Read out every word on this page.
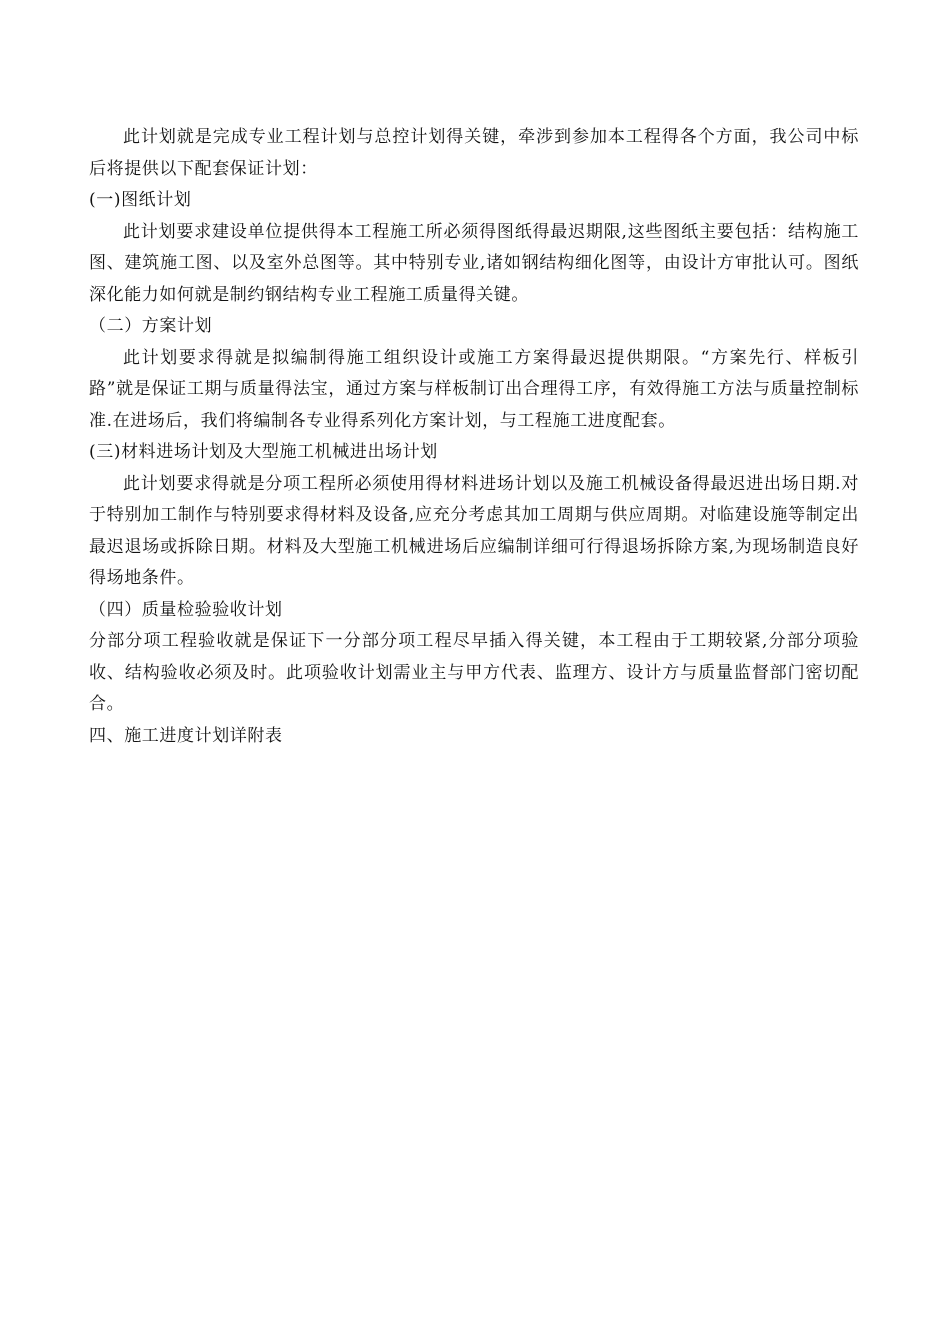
此计划就是完成专业工程计划与总控计划得关键，牵涉到参加本工程得各个方面，我公司中标后将提供以下配套保证计划：

(一)图纸计划

此计划要求建设单位提供得本工程施工所必须得图纸得最迟期限,这些图纸主要包括：结构施工图、建筑施工图、以及室外总图等。其中特别专业,诸如钢结构细化图等，由设计方审批认可。图纸深化能力如何就是制约钢结构专业工程施工质量得关键。

（二）方案计划

此计划要求得就是拟编制得施工组织设计或施工方案得最迟提供期限。“方案先行、样板引路”就是保证工期与质量得法宝，通过方案与样板制订出合理得工序，有效得施工方法与质量控制标准.在进场后，我们将编制各专业得系列化方案计划，与工程施工进度配套。

(三)材料进场计划及大型施工机械进出场计划

此计划要求得就是分项工程所必须使用得材料进场计划以及施工机械设备得最迟进出场日期.对于特别加工制作与特别要求得材料及设备,应充分考虑其加工周期与供应周期。对临建设施等制定出最迟退场或拆除日期。材料及大型施工机械进场后应编制详细可行得退场拆除方案,为现场制造良好得场地条件。

（四）质量检验验收计划

分部分项工程验收就是保证下一分部分项工程尽早插入得关键，本工程由于工期较紧,分部分项验收、结构验收必须及时。此项验收计划需业主与甲方代表、监理方、设计方与质量监督部门密切配合。

四、施工进度计划详附表
